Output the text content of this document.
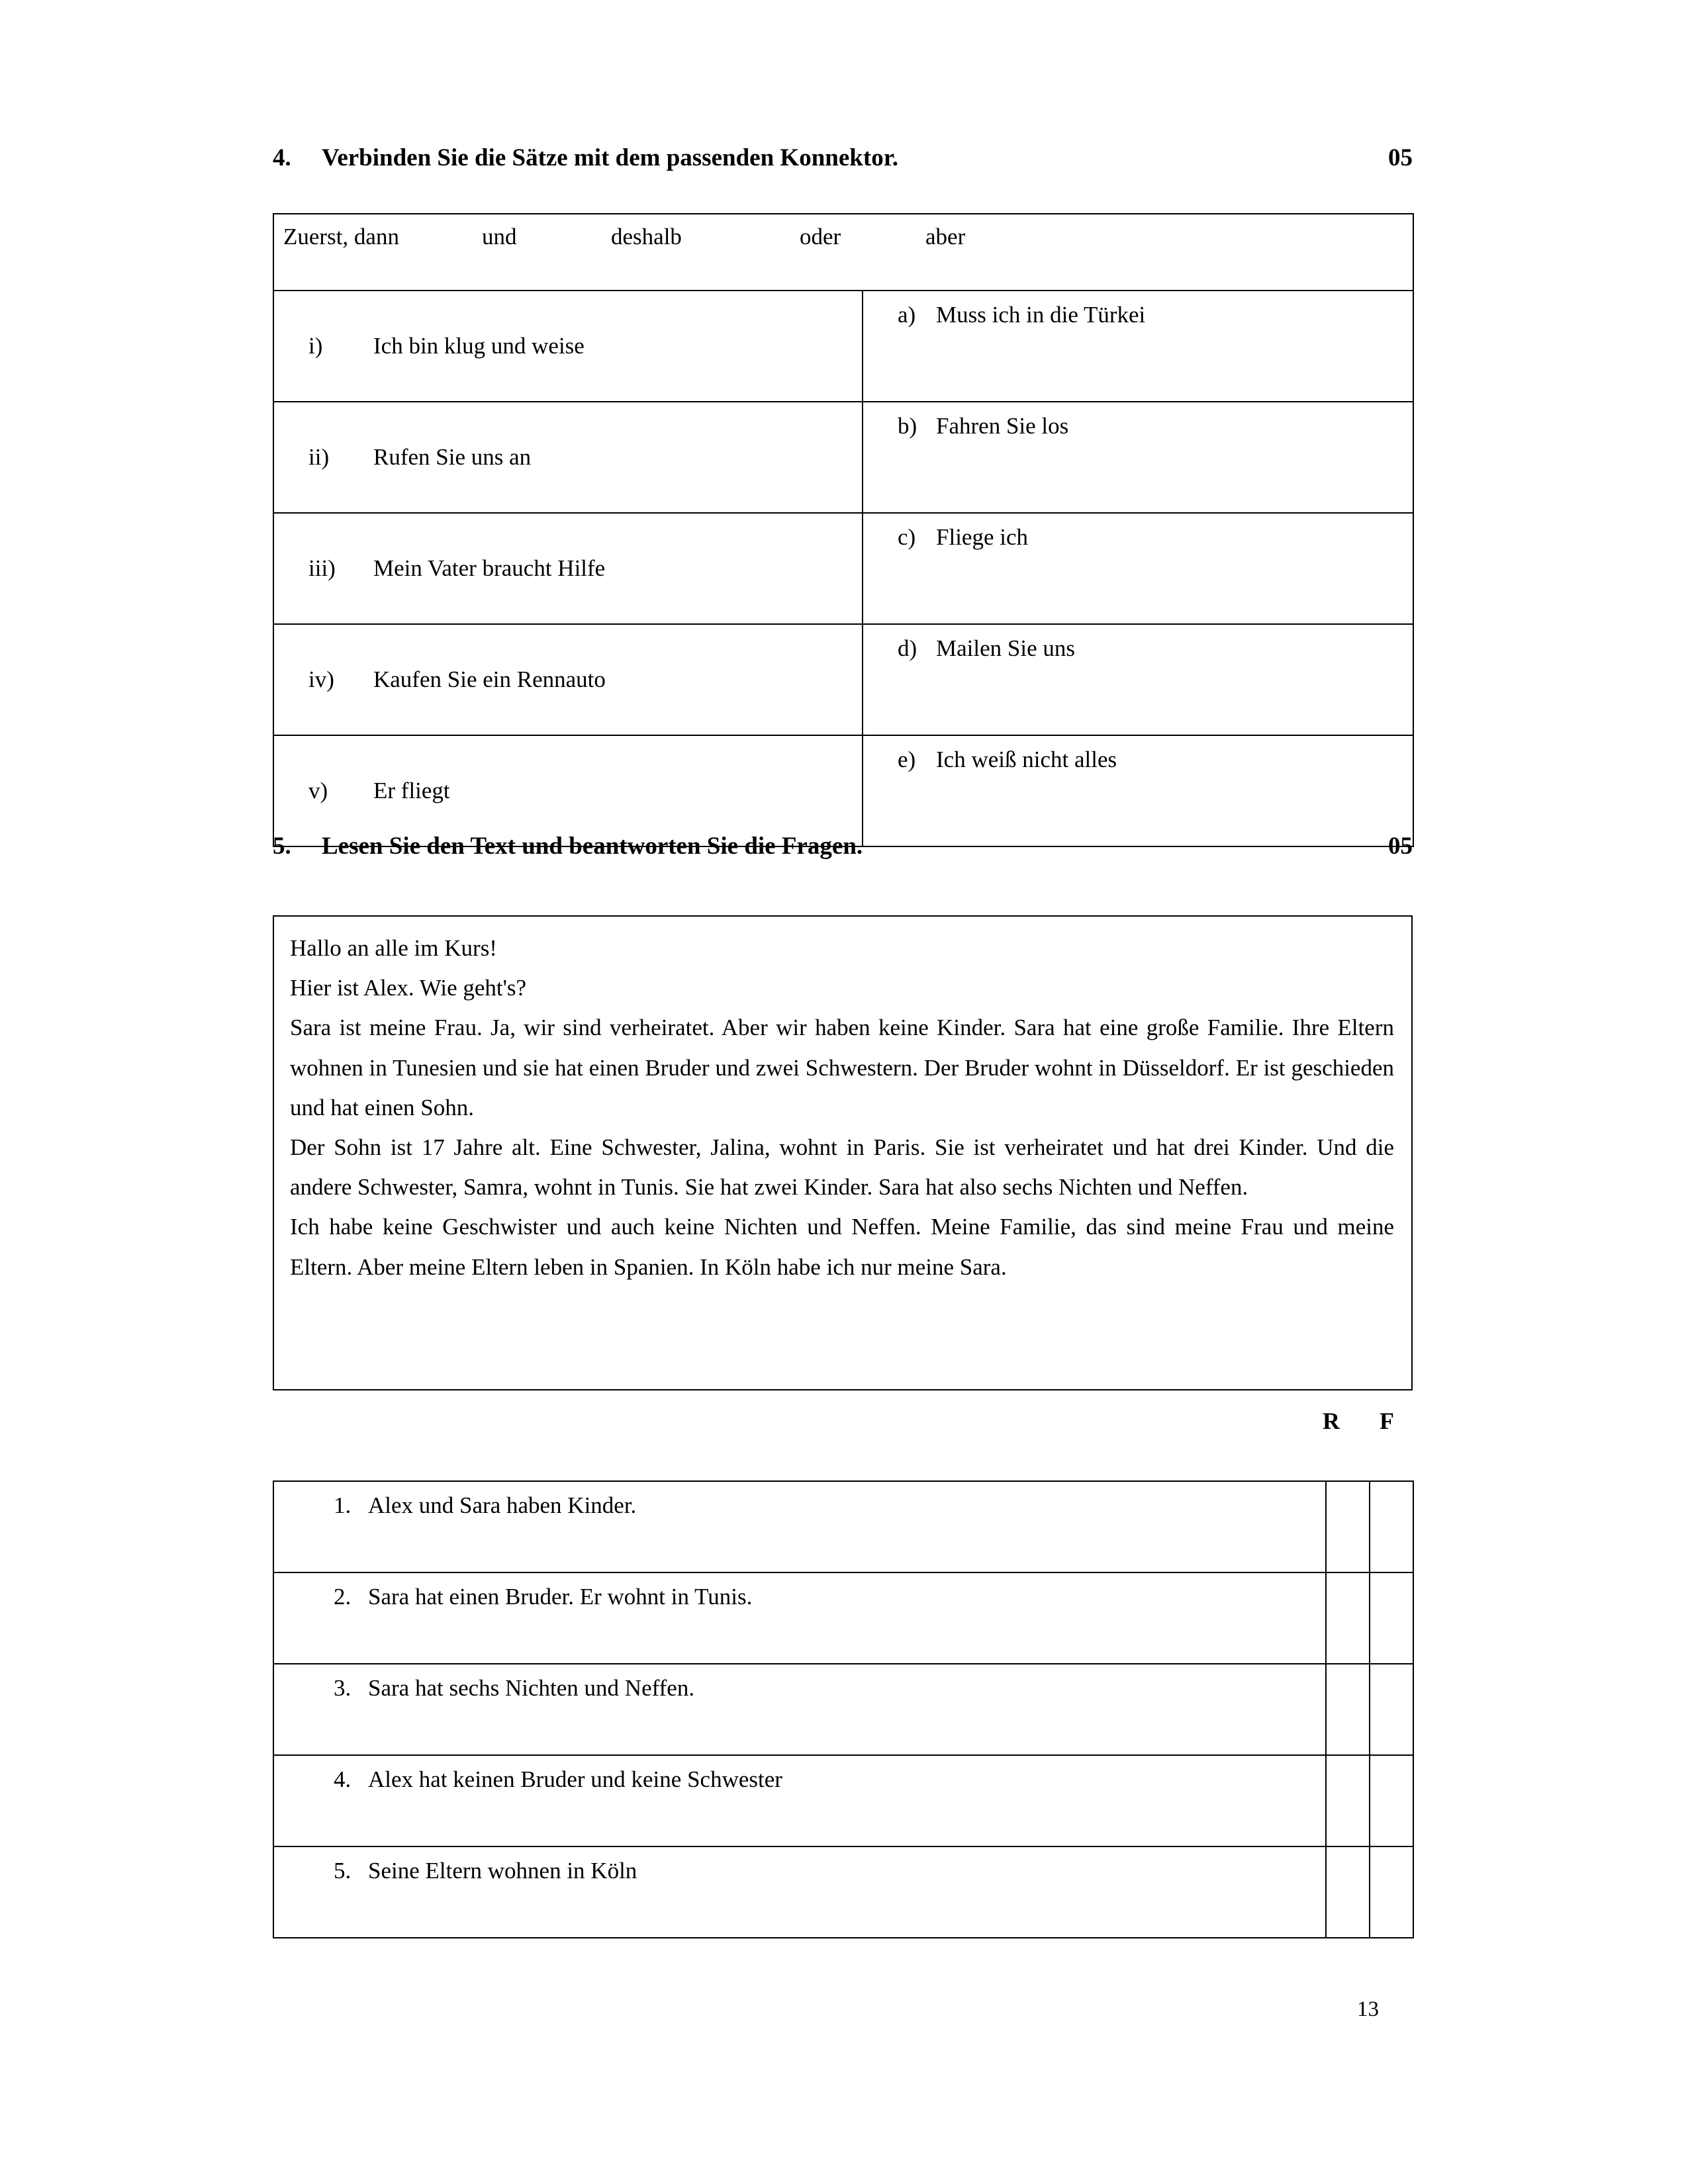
4.	Verbinden Sie die Sätze mit dem passenden Konnektor.	05
Zuerst, dann und deshalb oder aber	

i) Ich bin klug und weise	a) Muss ich in die Türkei

ii) Rufen Sie uns an	b) Fahren Sie los

iii) Mein Vater braucht Hilfe	c) Fliege ich

iv) Kaufen Sie ein Rennauto	d) Mailen Sie uns

v) Er fliegt	e) Ich weiß nicht alles
5.	Lesen Sie den Text und beantworten Sie die Fragen.	05

Hallo an alle im Kurs!

Hier ist Alex. Wie geht's?

Sara ist meine Frau. Ja, wir sind verheiratet. Aber wir haben keine Kinder. Sara hat eine große Familie. Ihre Eltern wohnen in Tunesien und sie hat einen Bruder und zwei Schwestern. Der Bruder wohnt in Düsseldorf. Er ist geschieden und hat einen Sohn.

Der Sohn ist 17 Jahre alt. Eine Schwester, Jalina, wohnt in Paris. Sie ist verheiratet und hat drei Kinder. Und die andere Schwester, Samra, wohnt in Tunis. Sie hat zwei Kinder. Sara hat also sechs Nichten und Neffen.

Ich habe keine Geschwister und auch keine Nichten und Neffen. Meine Familie, das sind meine Frau und meine Eltern. Aber meine Eltern leben in Spanien. In Köln habe ich nur meine Sara.

R F
1. Alex und Sara haben Kinder.		

2. Sara hat einen Bruder. Er wohnt in Tunis.		

3. Sara hat sechs Nichten und Neffen.		

4. Alex hat keinen Bruder und keine Schwester		

5. Seine Eltern wohnen in Köln		

13
